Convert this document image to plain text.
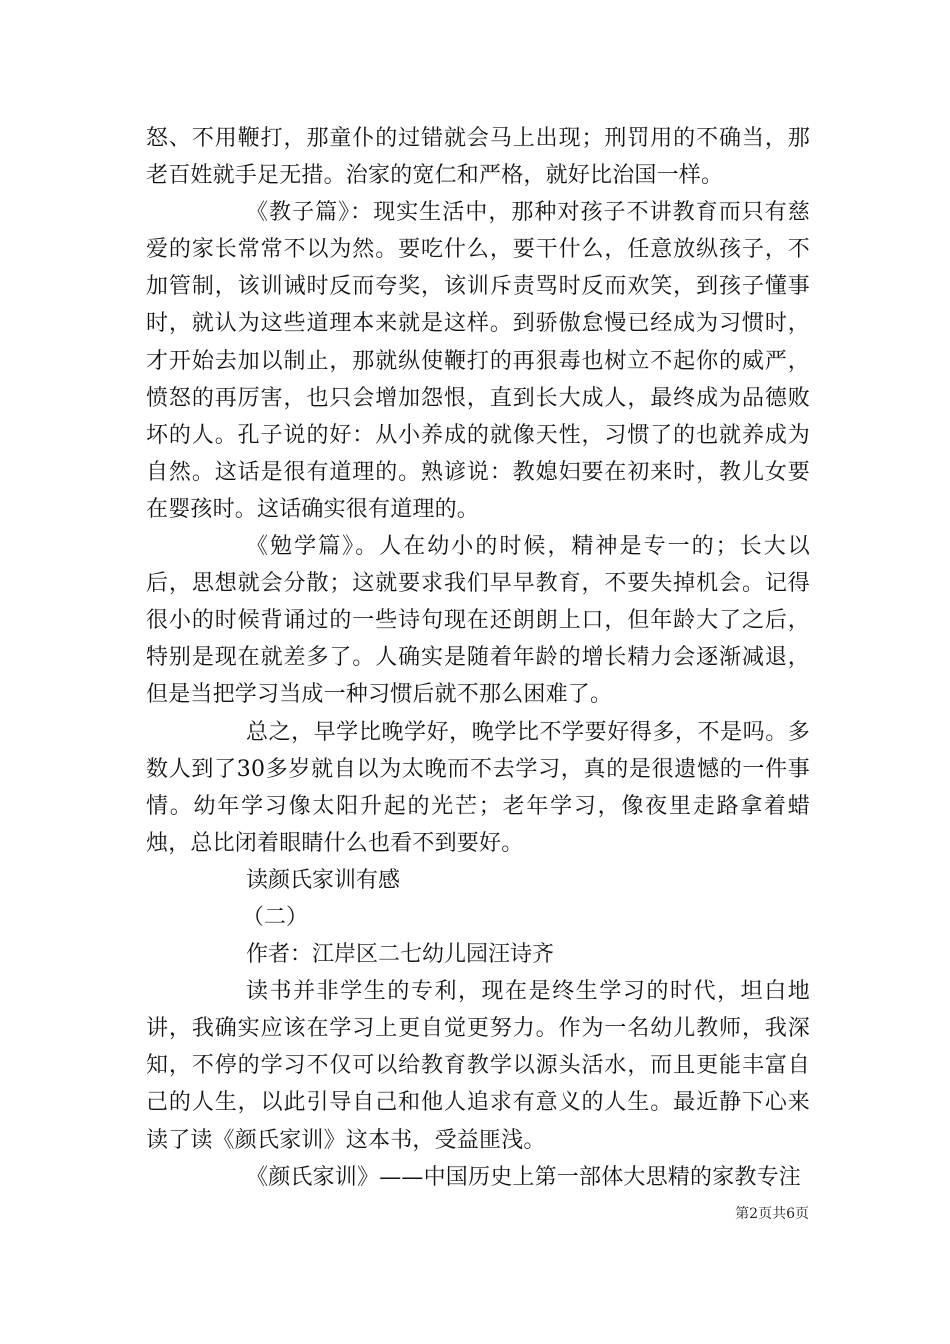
怒、不用鞭打，那童仆的过错就会马上出现；刑罚用的不确当，那老百姓就手足无措。治家的宽仁和严格，就好比治国一样。

《教子篇》：现实生活中，那种对孩子不讲教育而只有慈爱的家长常常不以为然。要吃什么，要干什么，任意放纵孩子，不加管制，该训诫时反而夸奖，该训斥责骂时反而欢笑，到孩子懂事时，就认为这些道理本来就是这样。到骄傲怠慢已经成为习惯时，才开始去加以制止，那就纵使鞭打的再狠毒也树立不起你的威严，愤怒的再厉害，也只会增加怨恨，直到长大成人，最终成为品德败坏的人。孔子说的好：从小养成的就像天性，习惯了的也就养成为自然。这话是很有道理的。熟谚说：教媳妇要在初来时，教儿女要在婴孩时。这话确实很有道理的。

《勉学篇》。人在幼小的时候，精神是专一的；长大以后，思想就会分散；这就要求我们早早教育，不要失掉机会。记得很小的时候背诵过的一些诗句现在还朗朗上口，但年龄大了之后，特别是现在就差多了。人确实是随着年龄的增长精力会逐渐减退，但是当把学习当成一种习惯后就不那么困难了。

总之，早学比晚学好，晚学比不学要好得多，不是吗。多数人到了30多岁就自以为太晚而不去学习，真的是很遗憾的一件事情。幼年学习像太阳升起的光芒；老年学习，像夜里走路拿着蜡烛，总比闭着眼睛什么也看不到要好。

读颜氏家训有感

（二）

作者：江岸区二七幼儿园汪诗齐

读书并非学生的专利，现在是终生学习的时代，坦白地讲，我确实应该在学习上更自觉更努力。作为一名幼儿教师，我深知，不停的学习不仅可以给教育教学以源头活水，而且更能丰富自己的人生，以此引导自己和他人追求有意义的人生。最近静下心来读了读《颜氏家训》这本书，受益匪浅。

《颜氏家训》——中国历史上第一部体大思精的家教专注

第2页共6页
